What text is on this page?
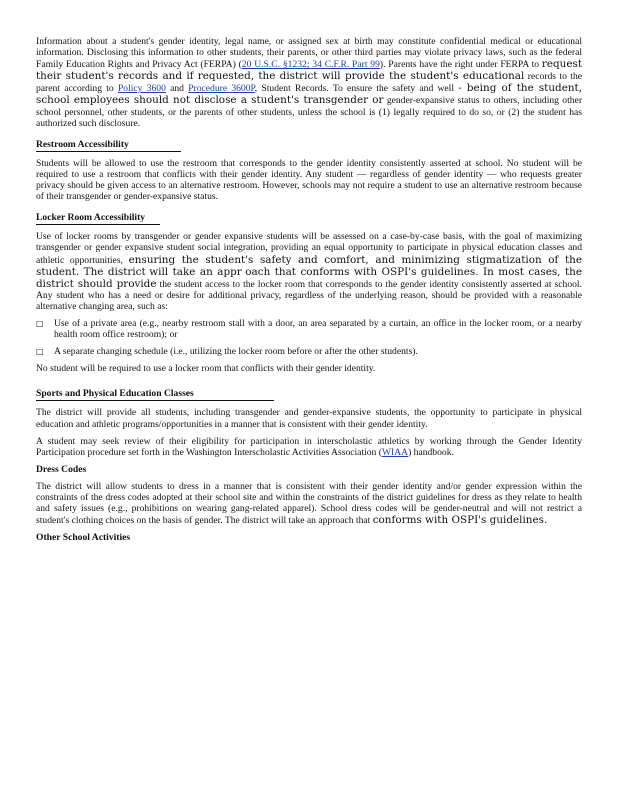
Information about a student's gender identity, legal name, or assigned sex at birth may constitute confidential medical or educational information. Disclosing this information to other students, their parents, or other third parties may violate privacy laws, such as the federal Family Education Rights and Privacy Act (FERPA) (20 U.S.C. §1232; 34 C.F.R. Part 99). Parents have the right under FERPA to request their student's records and if requested, the district will provide the student's educational records to the parent according to Policy 3600 and Procedure 3600P, Student Records. To ensure the safety and well - being of the student, school employees should not disclose a student's transgender or gender-expansive status to others, including other school personnel, other students, or the parents of other students, unless the school is (1) legally required to do so, or (2) the student has authorized such disclosure.

Restroom Accessibility

Students will be allowed to use the restroom that corresponds to the gender identity consistently asserted at school. No student will be required to use a restroom that conflicts with their gender identity. Any student — regardless of gender identity — who requests greater privacy should be given access to an alternative restroom. However, schools may not require a student to use an alternative restroom because of their transgender or gender-expansive status.

Locker Room Accessibility

Use of locker rooms by transgender or gender expansive students will be assessed on a case-by-case basis, with the goal of maximizing transgender or gender expansive student social integration, providing an equal opportunity to participate in physical education classes and athletic opportunities, ensuring the student's safety and comfort, and minimizing stigmatization of the student. The district will take an appr oach that conforms with OSPI's guidelines. In most cases, the district should provide the student access to the locker room that corresponds to the gender identity consistently asserted at school. Any student who has a need or desire for additional privacy, regardless of the underlying reason, should be provided with a reasonable alternative changing area, such as:

□	Use of a private area (e.g., nearby restroom stall with a door, an area separated by a curtain, an office in the locker room, or a nearby health room office restroom); or
□	A separate changing schedule (i.e., utilizing the locker room before or after the other students).

No student will be required to use a locker room that conflicts with their gender identity.

Sports and Physical Education Classes

The district will provide all students, including transgender and gender-expansive students, the opportunity to participate in physical education and athletic programs/opportunities in a manner that is consistent with their gender identity.

A student may seek review of their eligibility for participation in interscholastic athletics by working through the Gender Identity Participation procedure set forth in the Washington Interscholastic Activities Association (WIAA) handbook.

Dress Codes

The district will allow students to dress in a manner that is consistent with their gender identity and/or gender expression within the constraints of the dress codes adopted at their school site and within the constraints of the district guidelines for dress as they relate to health and safety issues (e.g., prohibitions on wearing gang-related apparel). School dress codes will be gender-neutral and will not restrict a student's clothing choices on the basis of gender. The district will take an approach that conforms with OSPI's guidelines.

Other School Activities
